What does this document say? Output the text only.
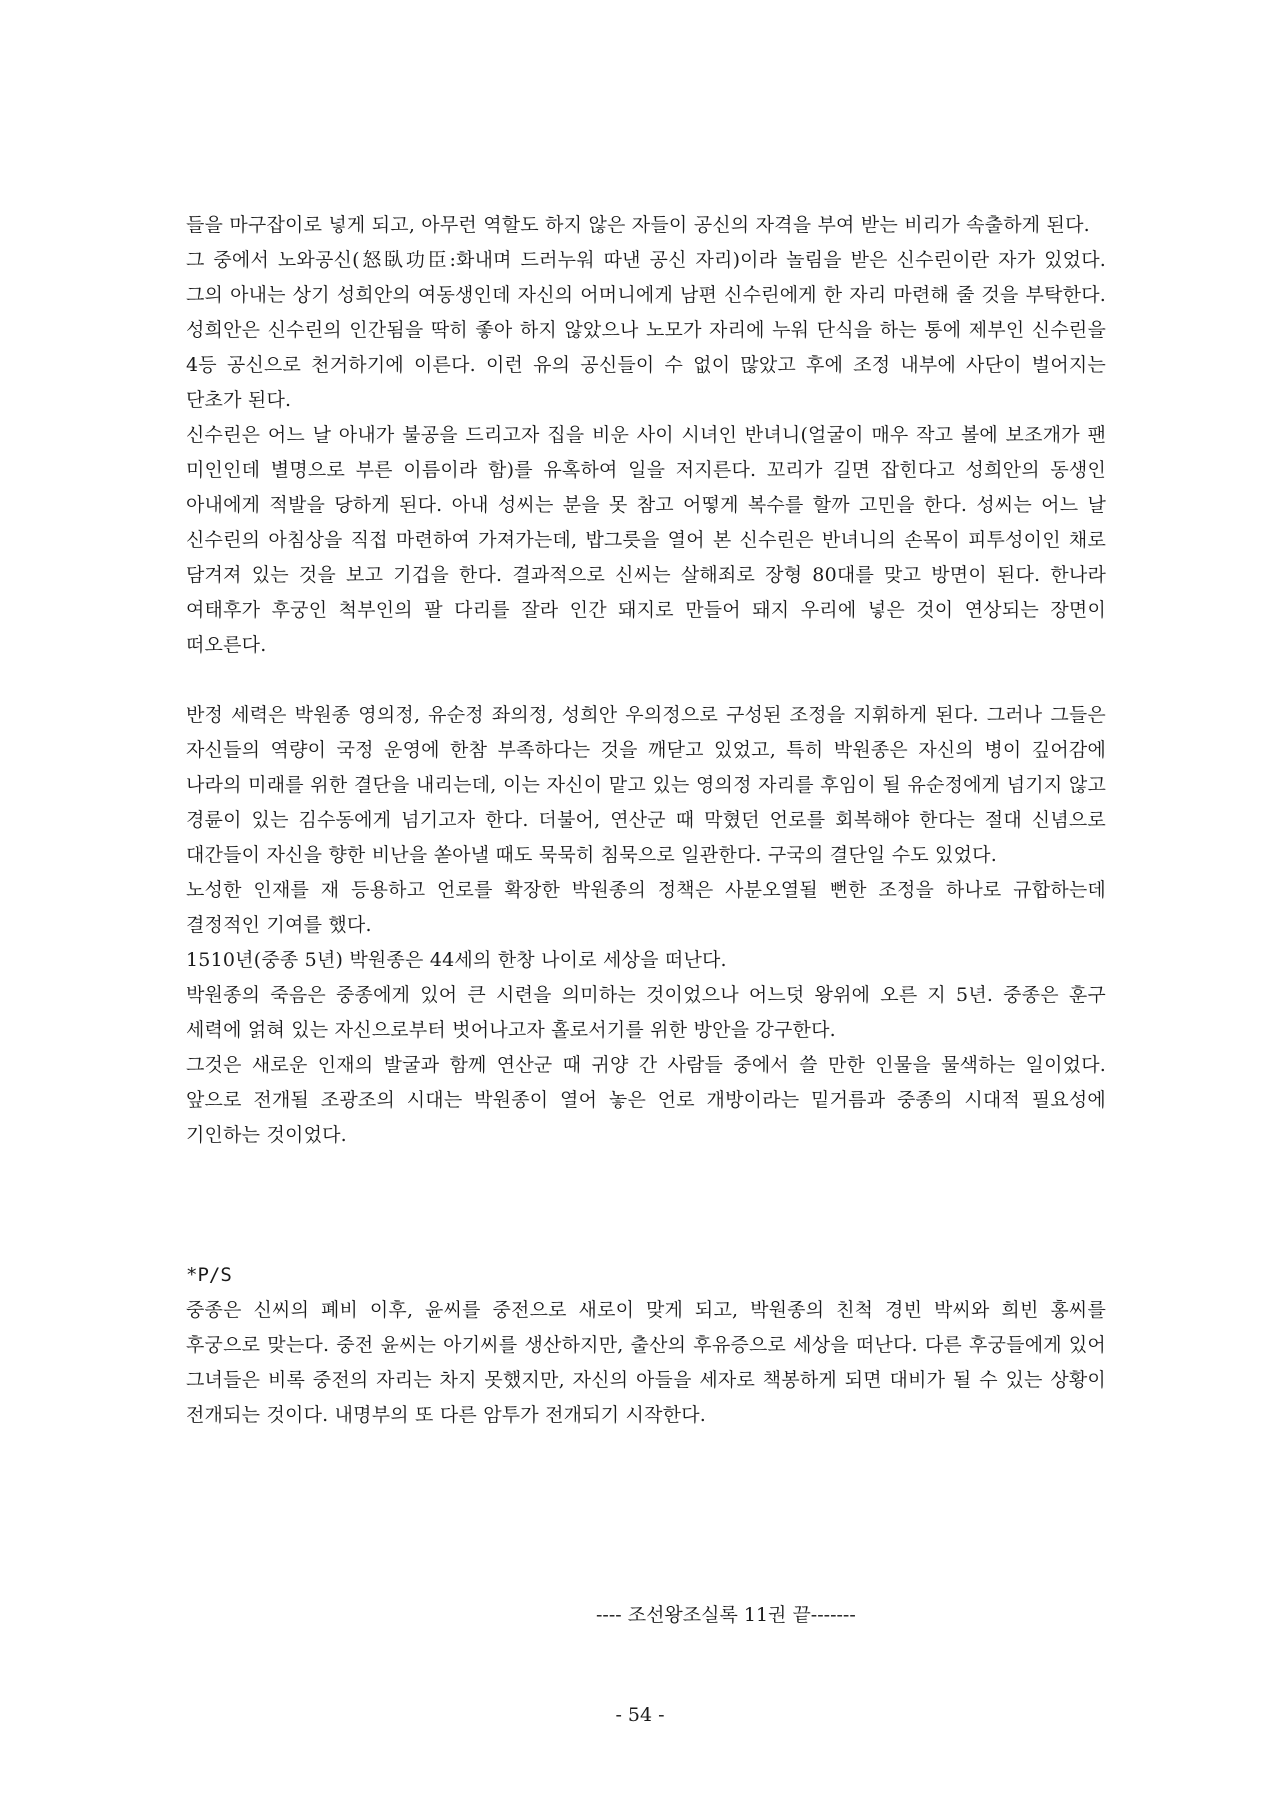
들을 마구잡이로 넣게 되고, 아무런 역할도 하지 않은 자들이 공신의 자격을 부여 받는 비리가 속출하게 된다.

그 중에서 노와공신(怒臥功臣:화내며 드러누워 따낸 공신 자리)이라 놀림을 받은 신수린이란 자가 있었다. 그의 아내는 상기 성희안의 여동생인데 자신의 어머니에게 남편 신수린에게 한 자리 마련해 줄 것을 부탁한다. 성희안은 신수린의 인간됨을 딱히 좋아 하지 않았으나 노모가 자리에 누워 단식을 하는 통에 제부인 신수린을 4등 공신으로 천거하기에 이른다. 이런 유의 공신들이 수 없이 많았고 후에 조정 내부에 사단이 벌어지는 단초가 된다.

신수린은 어느 날 아내가 불공을 드리고자 집을 비운 사이 시녀인 반녀니(얼굴이 매우 작고 볼에 보조개가 팬 미인인데 별명으로 부른 이름이라 함)를 유혹하여 일을 저지른다. 꼬리가 길면 잡힌다고 성희안의 동생인 아내에게 적발을 당하게 된다. 아내 성씨는 분을 못 참고 어떻게 복수를 할까 고민을 한다. 성씨는 어느 날 신수린의 아침상을 직접 마련하여 가져가는데, 밥그릇을 열어 본 신수린은 반녀니의 손목이 피투성이인 채로 담겨져 있는 것을 보고 기겁을 한다. 결과적으로 신씨는 살해죄로 장형 80대를 맞고 방면이 된다. 한나라 여태후가 후궁인 척부인의 팔 다리를 잘라 인간 돼지로 만들어 돼지 우리에 넣은 것이 연상되는 장면이 떠오른다.

반정 세력은 박원종 영의정, 유순정 좌의정, 성희안 우의정으로 구성된 조정을 지휘하게 된다. 그러나 그들은 자신들의 역량이 국정 운영에 한참 부족하다는 것을 깨닫고 있었고, 특히 박원종은 자신의 병이 깊어감에 나라의 미래를 위한 결단을 내리는데, 이는 자신이 맡고 있는 영의정 자리를 후임이 될 유순정에게 넘기지 않고 경륜이 있는 김수동에게 넘기고자 한다. 더불어, 연산군 때 막혔던 언로를 회복해야 한다는 절대 신념으로 대간들이 자신을 향한 비난을 쏟아낼 때도 묵묵히 침묵으로 일관한다. 구국의 결단일 수도 있었다.

노성한 인재를 재 등용하고 언로를 확장한 박원종의 정책은 사분오열될 뻔한 조정을 하나로 규합하는데 결정적인 기여를 했다.

1510년(중종 5년) 박원종은 44세의 한창 나이로 세상을 떠난다.

박원종의 죽음은 중종에게 있어 큰 시련을 의미하는 것이었으나 어느덧 왕위에 오른 지 5년. 중종은 훈구 세력에 얽혀 있는 자신으로부터 벗어나고자 홀로서기를 위한 방안을 강구한다.

그것은 새로운 인재의 발굴과 함께 연산군 때 귀양 간 사람들 중에서 쓸 만한 인물을 물색하는 일이었다. 앞으로 전개될 조광조의 시대는 박원종이 열어 놓은 언로 개방이라는 밑거름과 중종의 시대적 필요성에 기인하는 것이었다.

*P/S

중종은 신씨의 폐비 이후, 윤씨를 중전으로 새로이 맞게 되고, 박원종의 친척 경빈 박씨와 희빈 홍씨를 후궁으로 맞는다. 중전 윤씨는 아기씨를 생산하지만, 출산의 후유증으로 세상을 떠난다. 다른 후궁들에게 있어 그녀들은 비록 중전의 자리는 차지 못했지만, 자신의 아들을 세자로 책봉하게 되면 대비가 될 수 있는 상황이 전개되는 것이다. 내명부의 또 다른 암투가 전개되기 시작한다.

---- 조선왕조실록 11권 끝-------
- 54 -
